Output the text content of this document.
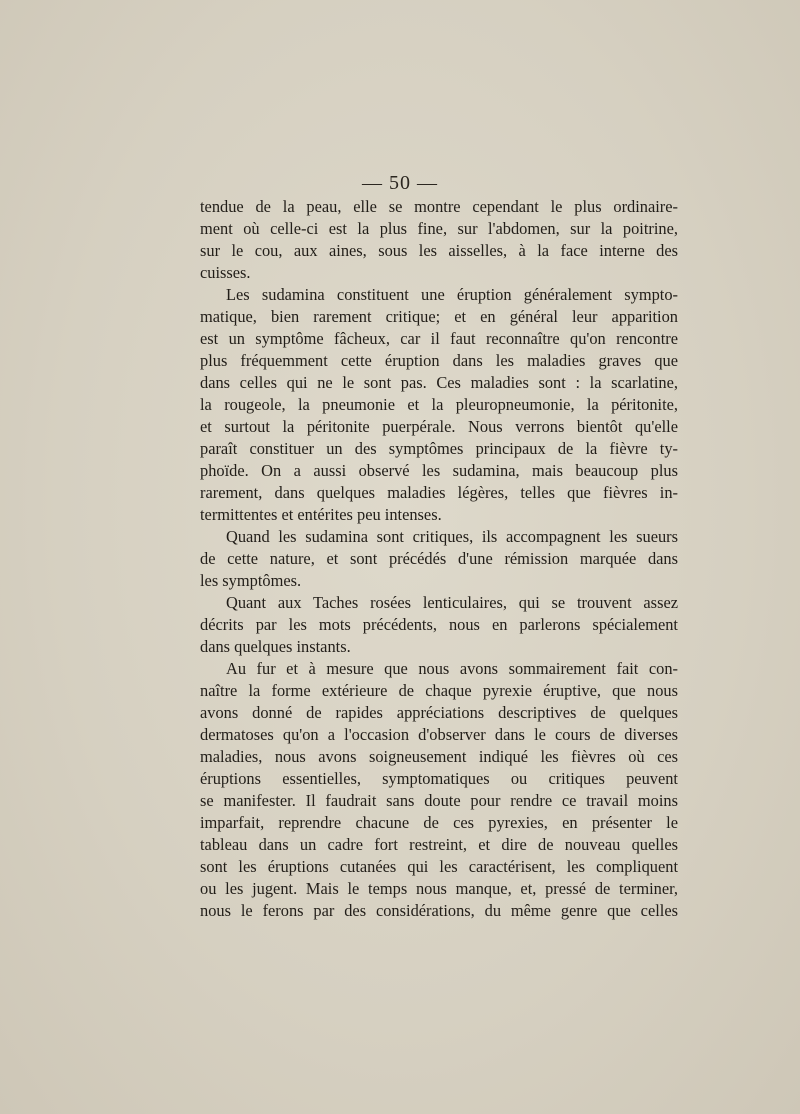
— 50 —
tendue de la peau, elle se montre cependant le plus ordinaire-
ment où celle-ci est la plus fine, sur l'abdomen, sur la poitrine,
sur le cou, aux aines, sous les aisselles, à la face interne des
cuisses.
Les sudamina constituent une éruption généralement sympto-
matique, bien rarement critique; et en général leur apparition
est un symptôme fâcheux, car il faut reconnaître qu'on rencontre
plus fréquemment cette éruption dans les maladies graves que
dans celles qui ne le sont pas. Ces maladies sont : la scarlatine,
la rougeole, la pneumonie et la pleuropneumonie, la péritonite,
et surtout la péritonite puerpérale. Nous verrons bientôt qu'elle
paraît constituer un des symptômes principaux de la fièvre ty-
phoïde. On a aussi observé les sudamina, mais beaucoup plus
rarement, dans quelques maladies légères, telles que fièvres in-
termittentes et entérites peu intenses.
Quand les sudamina sont critiques, ils accompagnent les sueurs
de cette nature, et sont précédés d'une rémission marquée dans
les symptômes.
Quant aux Taches rosées lenticulaires, qui se trouvent assez
décrits par les mots précédents, nous en parlerons spécialement
dans quelques instants.
Au fur et à mesure que nous avons sommairement fait con-
naître la forme extérieure de chaque pyrexie éruptive, que nous
avons donné de rapides appréciations descriptives de quelques
dermatoses qu'on a l'occasion d'observer dans le cours de diverses
maladies, nous avons soigneusement indiqué les fièvres où ces
éruptions essentielles, symptomatiques ou critiques peuvent
se manifester. Il faudrait sans doute pour rendre ce travail moins
imparfait, reprendre chacune de ces pyrexies, en présenter le
tableau dans un cadre fort restreint, et dire de nouveau quelles
sont les éruptions cutanées qui les caractérisent, les compliquent
ou les jugent. Mais le temps nous manque, et, pressé de terminer,
nous le ferons par des considérations, du même genre que celles
